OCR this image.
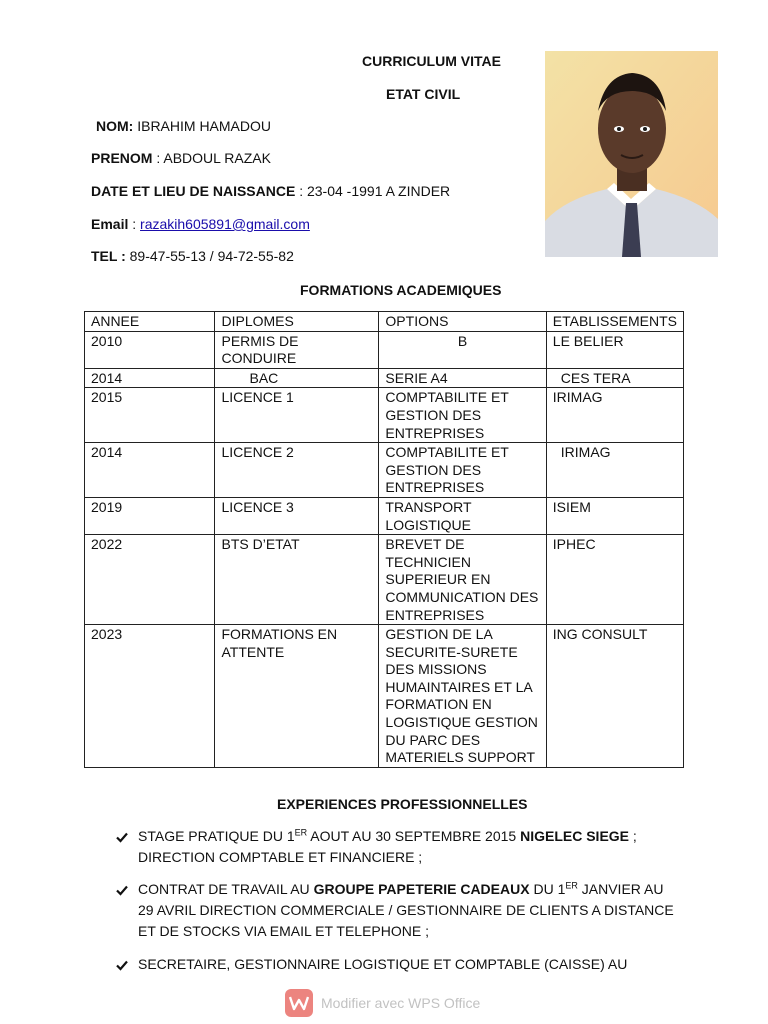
CURRICULUM VITAE
ETAT CIVIL
NOM: IBRAHIM HAMADOU
PRENOM : ABDOUL RAZAK
DATE ET LIEU DE NAISSANCE : 23-04 -1991 A ZINDER
Email : razakih605891@gmail.com
TEL : 89-47-55-13 / 94-72-55-82
FORMATIONS ACADEMIQUES
ANNEE	DIPLOMES	OPTIONS	ETABLISSEMENTS
2010	PERMIS DE CONDUIRE	B	LE BELIER
2014	BAC	SERIE A4	CES TERA
2015	LICENCE 1	COMPTABILITE ET GESTION DES ENTREPRISES	IRIMAG
2014	LICENCE 2	COMPTABILITE ET GESTION DES ENTREPRISES	IRIMAG
2019	LICENCE 3	TRANSPORT LOGISTIQUE	ISIEM
2022	BTS D’ETAT	BREVET DE TECHNICIEN SUPERIEUR EN COMMUNICATION DES ENTREPRISES	IPHEC
2023	FORMATIONS EN ATTENTE	GESTION DE LA SECURITE-SURETE DES MISSIONS HUMAINTAIRES ET LA FORMATION EN LOGISTIQUE GESTION DU PARC DES MATERIELS SUPPORT	ING CONSULT
EXPERIENCES PROFESSIONNELLES
STAGE PRATIQUE DU 1ER AOUT AU 30 SEPTEMBRE 2015 NIGELEC SIEGE ; DIRECTION COMPTABLE ET FINANCIERE ;
CONTRAT DE TRAVAIL AU GROUPE PAPETERIE CADEAUX DU 1ER JANVIER AU 29 AVRIL DIRECTION COMMERCIALE / GESTIONNAIRE DE CLIENTS A DISTANCE ET DE STOCKS VIA EMAIL ET TELEPHONE ;
SECRETAIRE, GESTIONNAIRE LOGISTIQUE ET COMPTABLE (CAISSE) AU
Modifier avec WPS Office
